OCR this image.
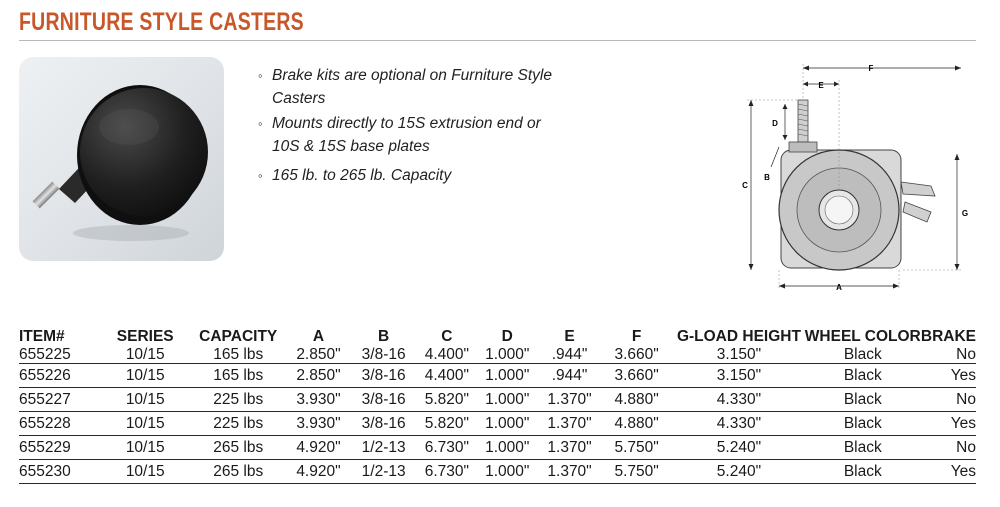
FURNITURE STYLE CASTERS
◦ Brake kits are optional on Furniture Style Casters
◦ Mounts directly to 15S extrusion end or 10S & 15S base plates
◦ 165 lb. to 265 lb. Capacity
F
E
D
B
C
G
A
ITEM#	SERIES	CAPACITY	A	B	C	D	E	F	G-LOAD HEIGHT	WHEEL COLOR	BRAKE
655225	10/15	165 lbs	2.850"	3/8-16	4.400"	1.000"	.944"	3.660"	3.150"	Black	No
655226	10/15	165 lbs	2.850"	3/8-16	4.400"	1.000"	.944"	3.660"	3.150"	Black	Yes
655227	10/15	225 lbs	3.930"	3/8-16	5.820"	1.000"	1.370"	4.880"	4.330"	Black	No
655228	10/15	225 lbs	3.930"	3/8-16	5.820"	1.000"	1.370"	4.880"	4.330"	Black	Yes
655229	10/15	265 lbs	4.920"	1/2-13	6.730"	1.000"	1.370"	5.750"	5.240"	Black	No
655230	10/15	265 lbs	4.920"	1/2-13	6.730"	1.000"	1.370"	5.750"	5.240"	Black	Yes
